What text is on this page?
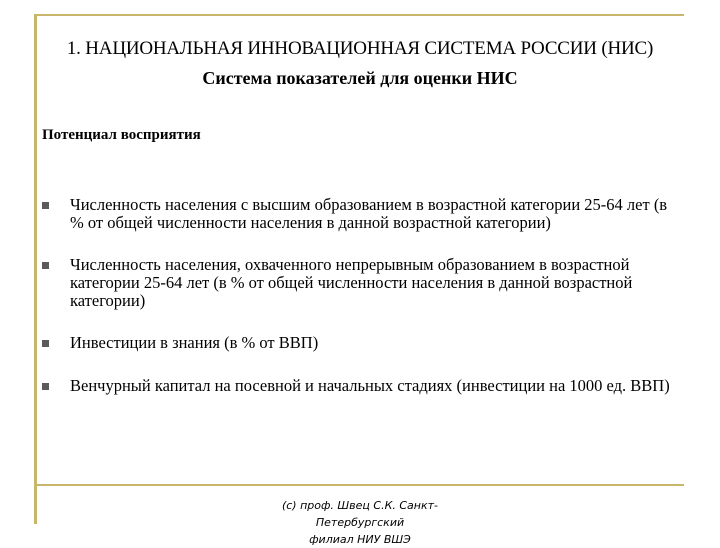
1. НАЦИОНАЛЬНАЯ ИННОВАЦИОННАЯ СИСТЕМА РОССИИ (НИС)
Система показателей для оценки НИС
Потенциал восприятия
Численность населения с высшим образованием в возрастной категории 25-64 лет (в % от общей численности населения в данной возрастной категории)
Численность населения, охваченного непрерывным образованием в возрастной категории 25-64 лет (в % от общей численности населения в данной возрастной категории)
Инвестиции в знания (в % от ВВП)
Венчурный капитал на посевной и начальных стадиях (инвестиции на 1000 ед. ВВП)
(c) проф. Швец С.К. Санкт-Петербургский
филиал НИУ ВШЭ
